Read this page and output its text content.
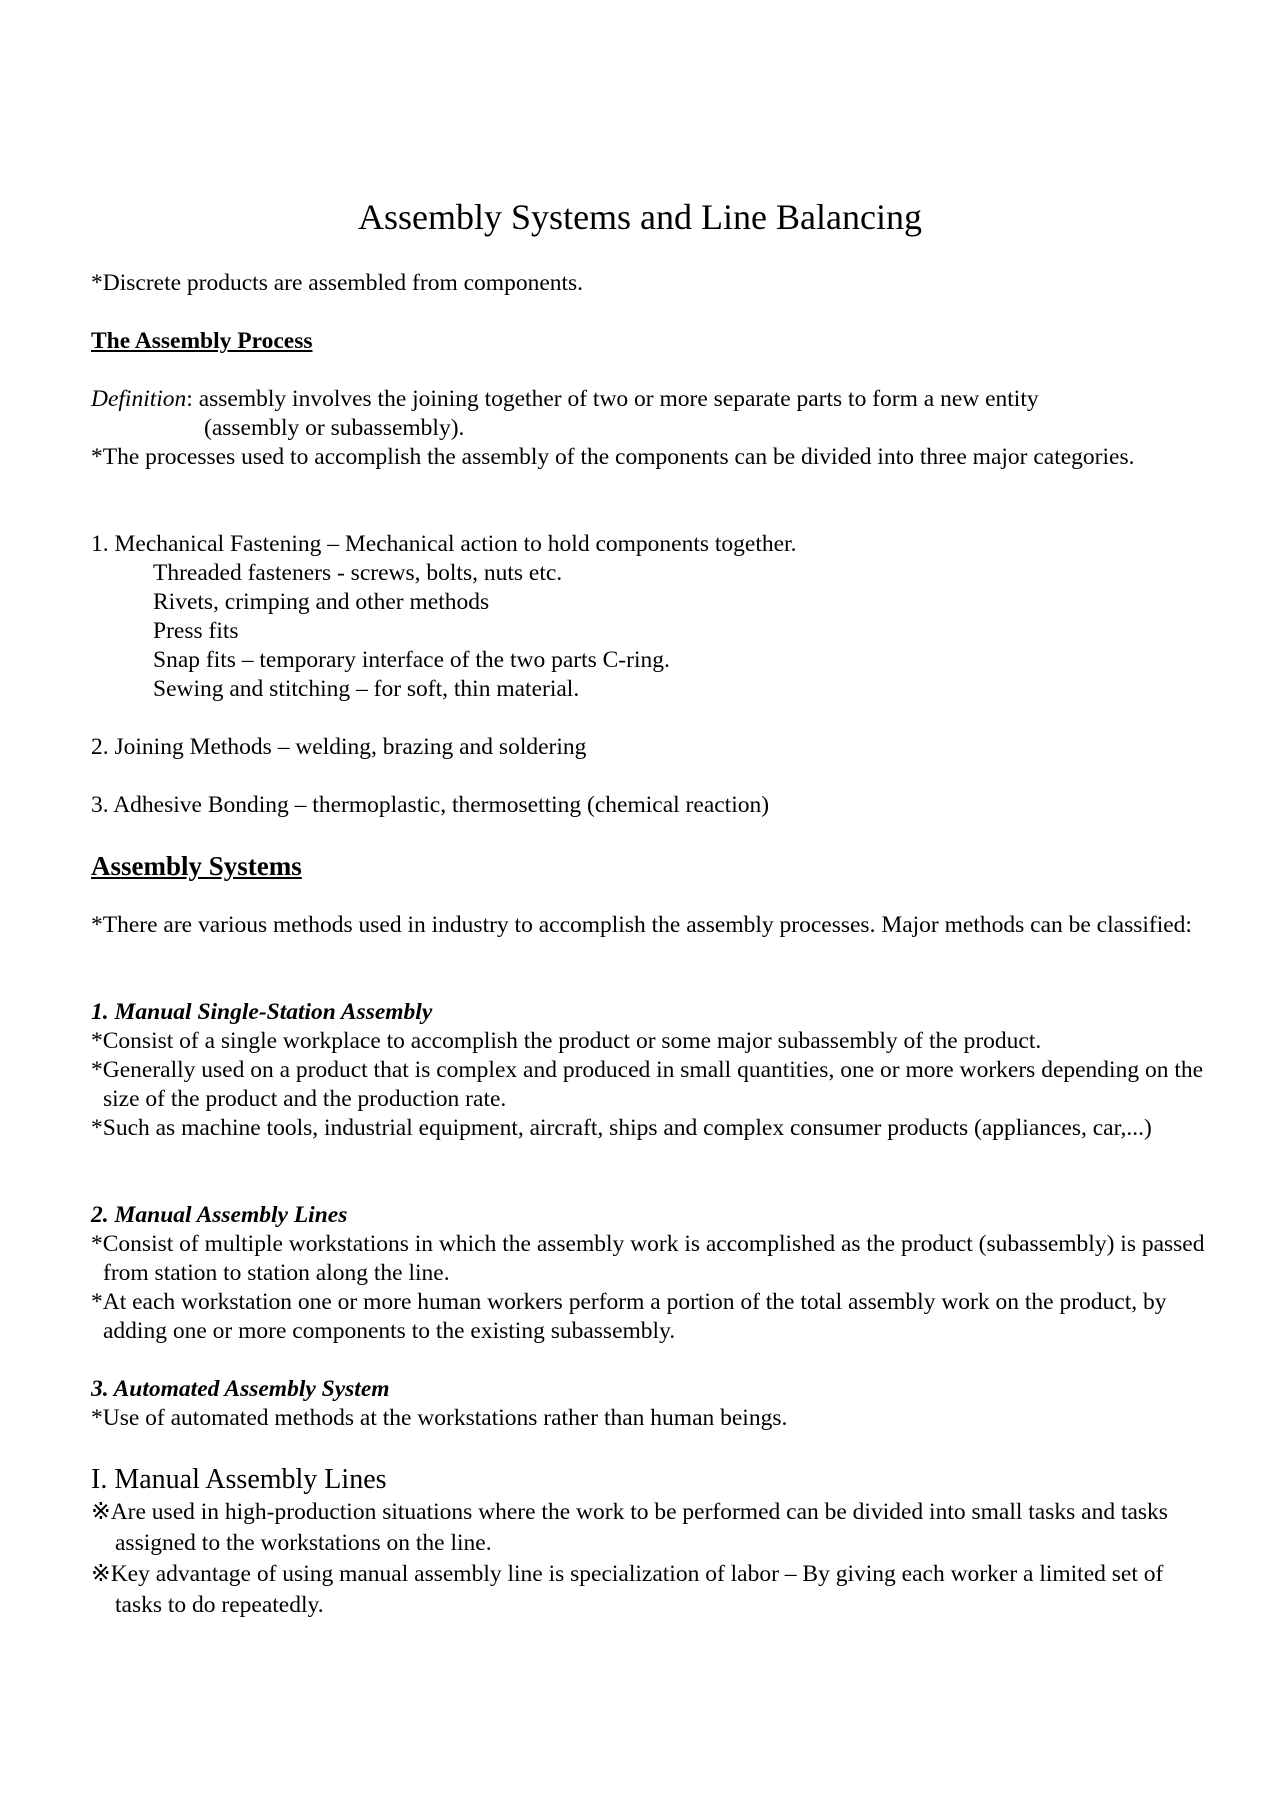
Assembly Systems and Line Balancing
*Discrete products are assembled from components.
The Assembly Process
Definition: assembly involves the joining together of two or more separate parts to form a new entity
(assembly or subassembly).
*The processes used to accomplish the assembly of the components can be divided into three major categories.
1. Mechanical Fastening – Mechanical action to hold components together.
Threaded fasteners - screws, bolts, nuts etc.
Rivets, crimping and other methods
Press fits
Snap fits – temporary interface of the two parts C-ring.
Sewing and stitching – for soft, thin material.
2. Joining Methods – welding, brazing and soldering
3. Adhesive Bonding – thermoplastic, thermosetting (chemical reaction)
Assembly Systems
*There are various methods used in industry to accomplish the assembly processes. Major methods can be classified:
1. Manual Single-Station Assembly
*Consist of a single workplace to accomplish the product or some major subassembly of the product.
*Generally used on a product that is complex and produced in small quantities, one or more workers depending on the size of the product and the production rate.
*Such as machine tools, industrial equipment, aircraft, ships and complex consumer products (appliances, car,...)
2. Manual Assembly Lines
*Consist of multiple workstations in which the assembly work is accomplished as the product (subassembly) is passed from station to station along the line.
*At each workstation one or more human workers perform a portion of the total assembly work on the product, by adding one or more components to the existing subassembly.
3. Automated Assembly System
*Use of automated methods at the workstations rather than human beings.
I. Manual Assembly Lines
※Are used in high-production situations where the work to be performed can be divided into small tasks and tasks assigned to the workstations on the line.
※Key advantage of using manual assembly line is specialization of labor – By giving each worker a limited set of tasks to do repeatedly.
